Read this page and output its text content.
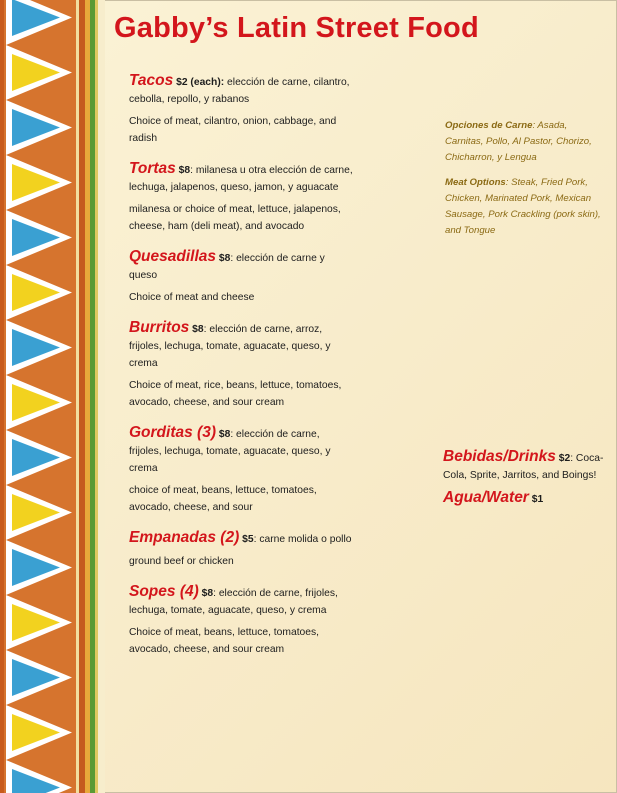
Gabby’s Latin Street Food

Tacos $2 (each): elección de carne, cilantro, cebolla, repollo, y rabanos

Choice of meat, cilantro, onion, cabbage, and radish

Tortas $8: milanesa u otra elección de carne, lechuga, jalapenos, queso, jamon, y aguacate

milanesa or choice of meat, lettuce, jalapenos, cheese, ham (deli meat), and avocado

Quesadillas $8: elección de carne y queso

Choice of meat and cheese

Burritos $8: elección de carne, arroz, frijoles, lechuga, tomate, aguacate, queso, y crema

Choice of meat, rice, beans, lettuce, tomatoes, avocado, cheese, and sour cream

Gorditas (3) $8: elección de carne, frijoles, lechuga, tomate, aguacate, queso, y crema

choice of meat, beans, lettuce, tomatoes, avocado, cheese, and sour

Empanadas (2) $5: carne molida o pollo

ground beef or chicken

Sopes (4) $8: elección de carne, frijoles, lechuga, tomate, aguacate, queso, y crema

Choice of meat, beans, lettuce, tomatoes, avocado, cheese, and sour cream

Opciones de Carne: Asada, Carnitas, Pollo, Al Pastor, Chorizo, Chicharron, y Lengua

Meat Options: Steak, Fried Pork, Chicken, Marinated Pork, Mexican Sausage, Pork Crackling (pork skin), and Tongue

Bebidas/Drinks $2: Coca-Cola, Sprite, Jarritos, and Boings!

Agua/Water $1
